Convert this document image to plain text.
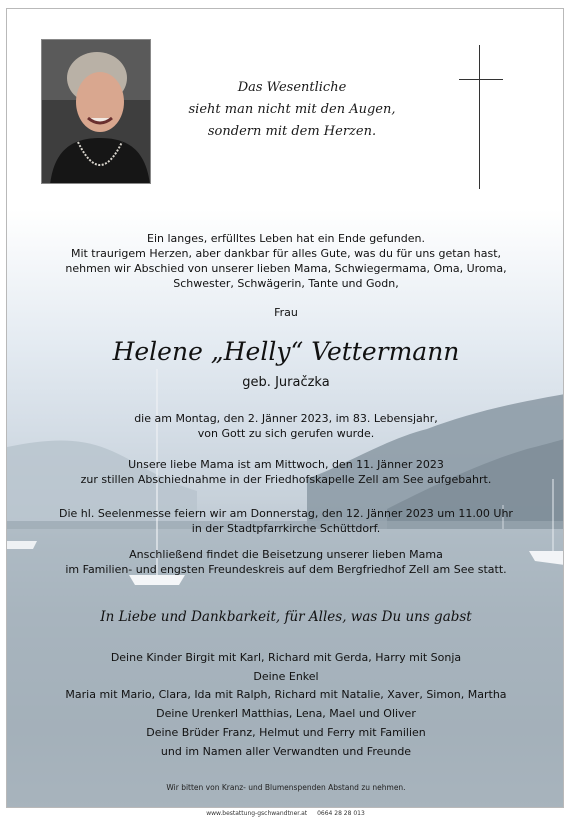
Das Wesentliche
sieht man nicht mit den Augen,
sondern mit dem Herzen.
Ein langes, erfülltes Leben hat ein Ende gefunden.
Mit traurigem Herzen, aber dankbar für alles Gute, was du für uns getan hast,
nehmen wir Abschied von unserer lieben Mama, Schwiegermama, Oma, Uroma,
Schwester, Schwägerin, Tante und Godn,
Frau
Helene „Helly“ Vettermann
geb. Juračzka
die am Montag, den 2. Jänner 2023, im 83. Lebensjahr,
von Gott zu sich gerufen wurde.
Unsere liebe Mama ist am Mittwoch, den 11. Jänner 2023
zur stillen Abschiednahme in der Friedhofskapelle Zell am See aufgebahrt.
Die hl. Seelenmesse feiern wir am Donnerstag, den 12. Jänner 2023 um 11.00 Uhr
in der Stadtpfarrkirche Schüttdorf.
Anschließend findet die Beisetzung unserer lieben Mama
im Familien- und engsten Freundeskreis auf dem Bergfriedhof Zell am See statt.
In Liebe und Dankbarkeit, für Alles, was Du uns gabst
Deine Kinder Birgit mit Karl, Richard mit Gerda, Harry mit Sonja
Deine Enkel
Maria mit Mario, Clara, Ida mit Ralph, Richard mit Natalie, Xaver, Simon, Martha
Deine Urenkerl Matthias, Lena, Mael und Oliver
Deine Brüder Franz, Helmut und Ferry mit Familien
und im Namen aller Verwandten und Freunde
Wir bitten von Kranz- und Blumenspenden Abstand zu nehmen.
www.bestattung-gschwandtner.at 0664 28 28 013
